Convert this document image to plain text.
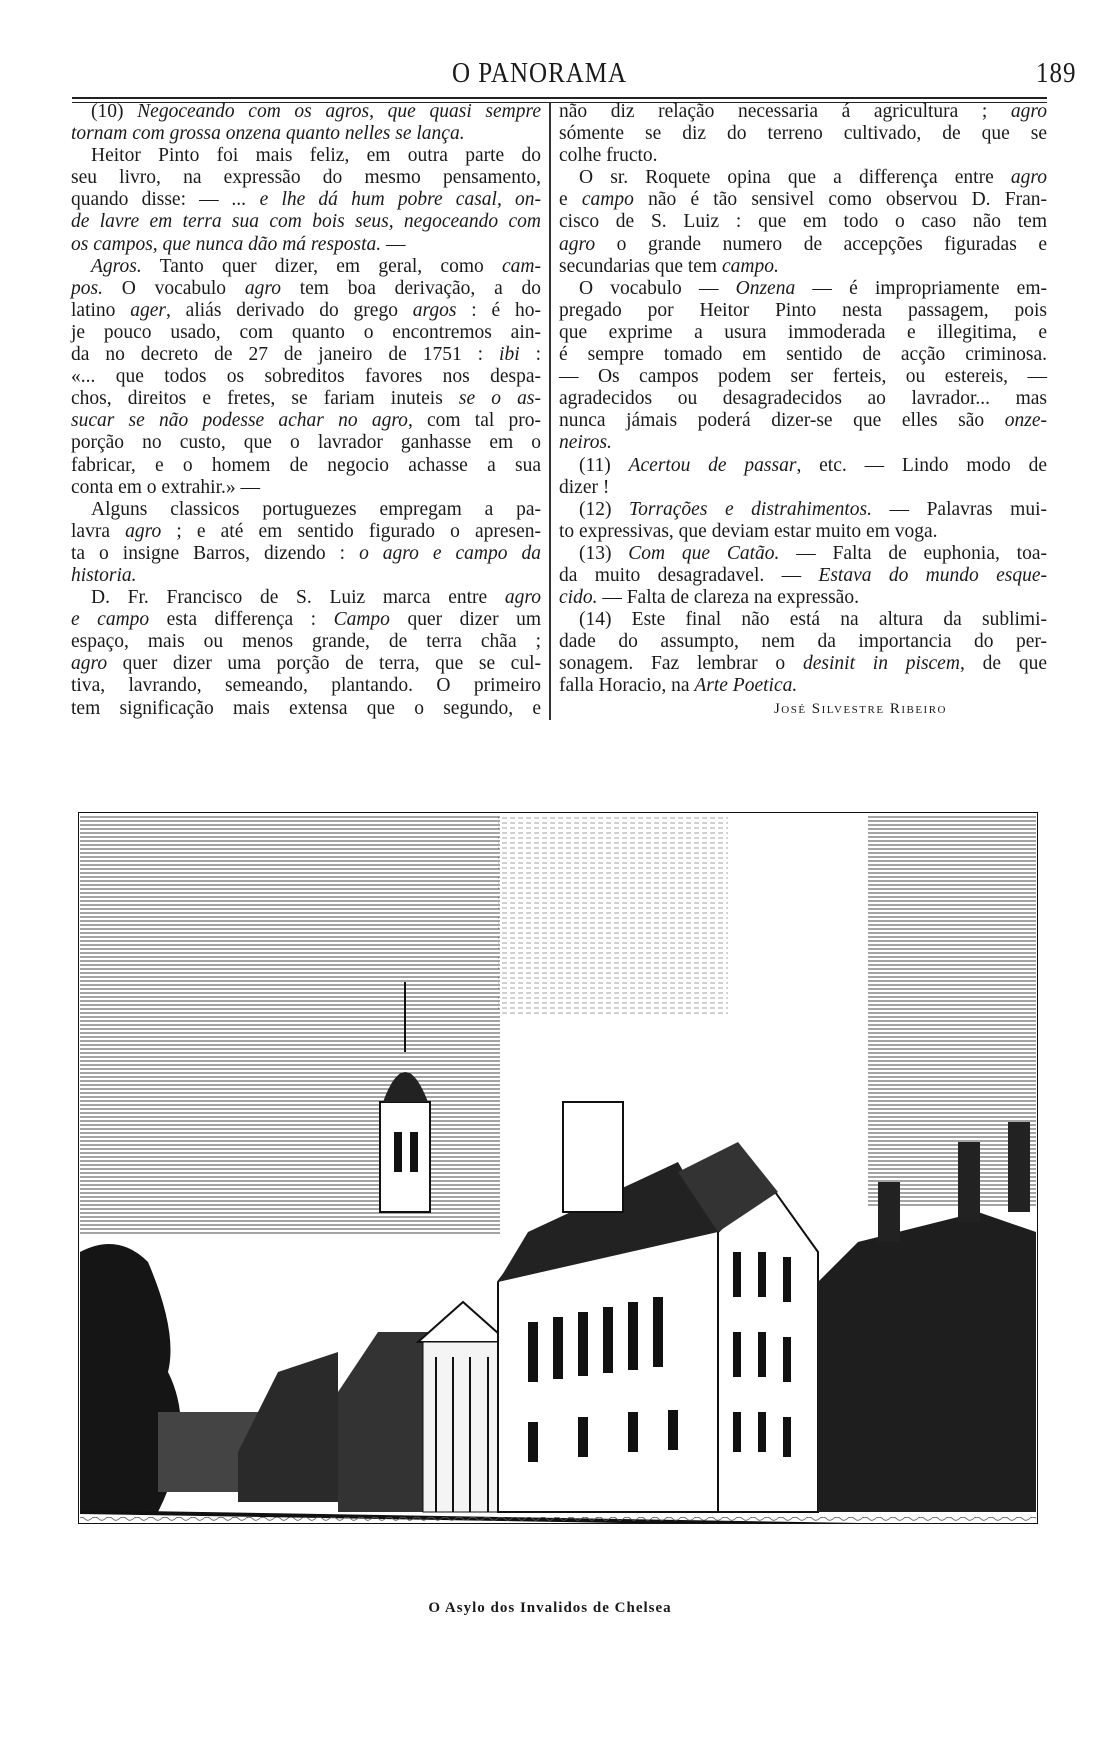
O PANORAMA	189
(10) Negoceando com os agros, que quasi sempre
tornam com grossa onzena quanto nelles se lança.
Heitor Pinto foi mais feliz, em outra parte do
seu livro, na expressão do mesmo pensamento,
quando disse: — ... e lhe dá hum pobre casal, on-
de lavre em terra sua com bois seus, negoceando com
os campos, que nunca dão má resposta. —
Agros. Tanto quer dizer, em geral, como cam-
pos. O vocabulo agro tem boa derivação, a do
latino ager, aliás derivado do grego argos : é ho-
je pouco usado, com quanto o encontremos ain-
da no decreto de 27 de janeiro de 1751 : ibi :
«... que todos os sobreditos favores nos despa-
chos, direitos e fretes, se fariam inuteis se o as-
sucar se não podesse achar no agro, com tal pro-
porção no custo, que o lavrador ganhasse em o
fabricar, e o homem de negocio achasse a sua
conta em o extrahir.» —
Alguns classicos portuguezes empregam a pa-
lavra agro ; e até em sentido figurado o apresen-
ta o insigne Barros, dizendo : o agro e campo da
historia.
D. Fr. Francisco de S. Luiz marca entre agro
e campo esta differença : Campo quer dizer um
espaço, mais ou menos grande, de terra chãa ;
agro quer dizer uma porção de terra, que se cul-
tiva, lavrando, semeando, plantando. O primeiro
tem significação mais extensa que o segundo, e
não diz relação necessaria á agricultura ; agro
sómente se diz do terreno cultivado, de que se
colhe fructo.
O sr. Roquete opina que a differença entre agro
e campo não é tão sensivel como observou D. Fran-
cisco de S. Luiz : que em todo o caso não tem
agro o grande numero de accepções figuradas e
secundarias que tem campo.
O vocabulo — Onzena — é impropriamente em-
pregado por Heitor Pinto nesta passagem, pois
que exprime a usura immoderada e illegitima, e
é sempre tomado em sentido de acção criminosa.
— Os campos podem ser ferteis, ou estereis, —
agradecidos ou desagradecidos ao lavrador... mas
nunca jámais poderá dizer-se que elles são onze-
neiros.
(11) Acertou de passar, etc. — Lindo modo de
dizer !
(12) Torrações e distrahimentos. — Palavras mui-
to expressivas, que deviam estar muito em voga.
(13) Com que Catão. — Falta de euphonia, toa-
da muito desagradavel. — Estava do mundo esque-
cido. — Falta de clareza na expressão.
(14) Este final não está na altura da sublimi-
dade do assumpto, nem da importancia do per-
sonagem. Faz lembrar o desinit in piscem, de que
falla Horacio, na Arte Poetica.
José Silvestre Ribeiro
O Asylo dos Invalidos de Chelsea
